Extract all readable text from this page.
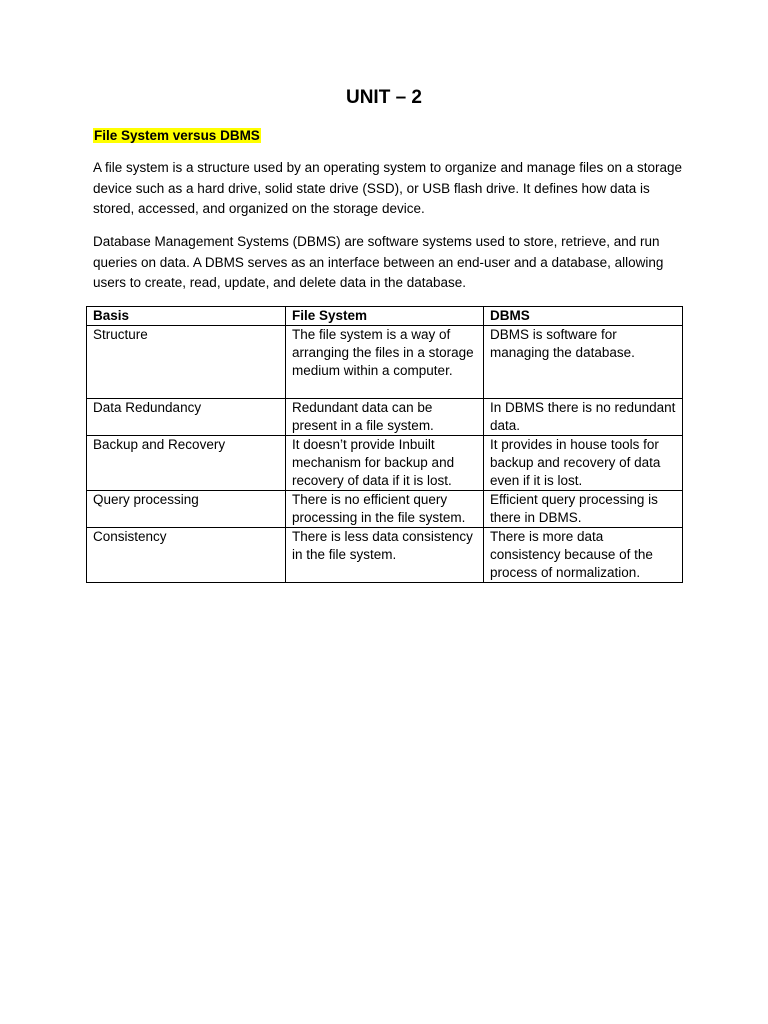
UNIT – 2

File System versus DBMS

A file system is a structure used by an operating system to organize and manage files on a storage device such as a hard drive, solid state drive (SSD), or USB flash drive. It defines how data is stored, accessed, and organized on the storage device.

Database Management Systems (DBMS) are software systems used to store, retrieve, and run queries on data. A DBMS serves as an interface between an end-user and a database, allowing users to create, read, update, and delete data in the database.

Basis	File System	DBMS
Structure	The file system is a way of arranging the files in a storage medium within a computer.	DBMS is software for managing the database.
Data Redundancy	Redundant data can be present in a file system.	In DBMS there is no redundant data.
Backup and Recovery	It doesn’t provide Inbuilt mechanism for backup and recovery of data if it is lost.	It provides in house tools for backup and recovery of data even if it is lost.
Query processing	There is no efficient query processing in the file system.	Efficient query processing is there in DBMS.
Consistency	There is less data consistency in the file system.	There is more data consistency because of the process of normalization.
